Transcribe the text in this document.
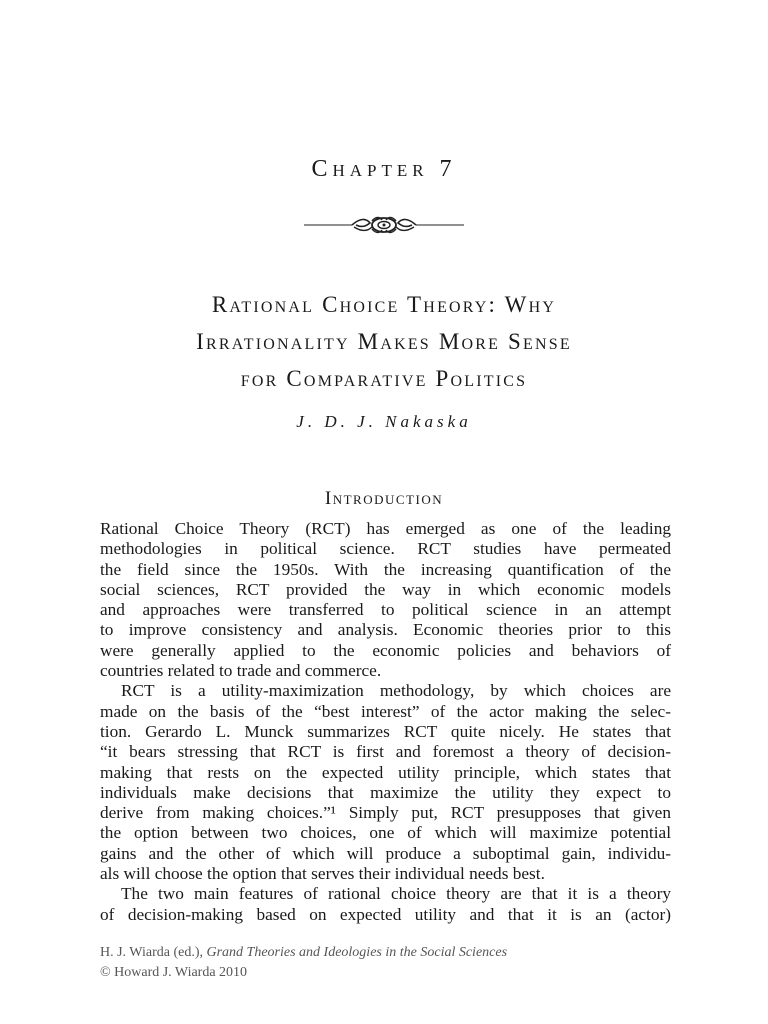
Chapter 7
Rational Choice Theory: Why
Irrationality Makes More Sense
for Comparative Politics
J. D. J. Nakaska
Introduction
Rational Choice Theory (RCT) has emerged as one of the leading
methodologies in political science. RCT studies have permeated
the field since the 1950s. With the increasing quantification of the
social sciences, RCT provided the way in which economic models
and approaches were transferred to political science in an attempt
to improve consistency and analysis. Economic theories prior to this
were generally applied to the economic policies and behaviors of
countries related to trade and commerce.
RCT is a utility-maximization methodology, by which choices are
made on the basis of the “best interest” of the actor making the selec-
tion. Gerardo L. Munck summarizes RCT quite nicely. He states that
“it bears stressing that RCT is first and foremost a theory of decision-
making that rests on the expected utility principle, which states that
individuals make decisions that maximize the utility they expect to
derive from making choices.”¹ Simply put, RCT presupposes that given
the option between two choices, one of which will maximize potential
gains and the other of which will produce a suboptimal gain, individu-
als will choose the option that serves their individual needs best.
The two main features of rational choice theory are that it is a theory
of decision-making based on expected utility and that it is an (actor)
H. J. Wiarda (ed.), Grand Theories and Ideologies in the Social Sciences
© Howard J. Wiarda 2010
